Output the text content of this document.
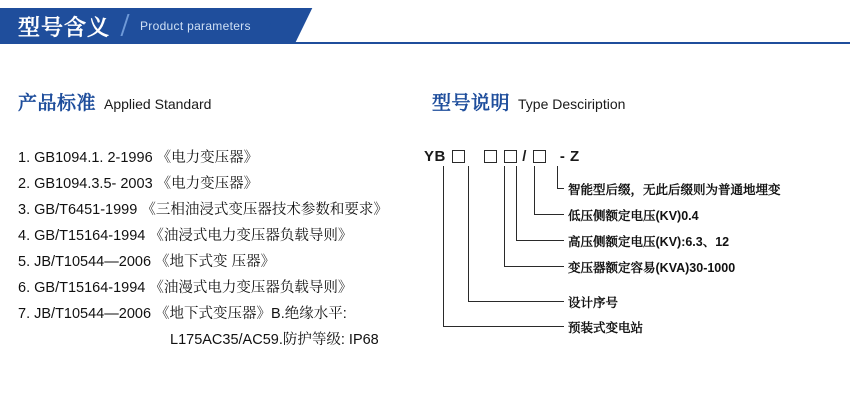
型号含义 Product parameters
产品标准 Applied Standard
1. GB1094.1. 2-1996 《电力变压器》
2. GB1094.3.5- 2003 《电力变压器》
3. GB/T6451-1999 《三相油浸式变压器技术参数和要求》
4. GB/T15164-1994 《油浸式电力变压器负载导则》
5. JB/T10544—2006 《地下式变 压器》
6. GB/T15164-1994 《油漫式电力变压器负载导则》
7. JB/T10544—2006 《地下式变压器》B.绝缘水平:
L175AC35/AC59.防护等级: IP68
型号说明 Type Desciription
YB	/ - Z
智能型后缀，无此后缀则为普通地埋变
低压侧额定电压(KV)0.4
高压侧额定电压(KV):6.3、12
变压器额定容易(KVA)30-1000
设计序号
预装式变电站
